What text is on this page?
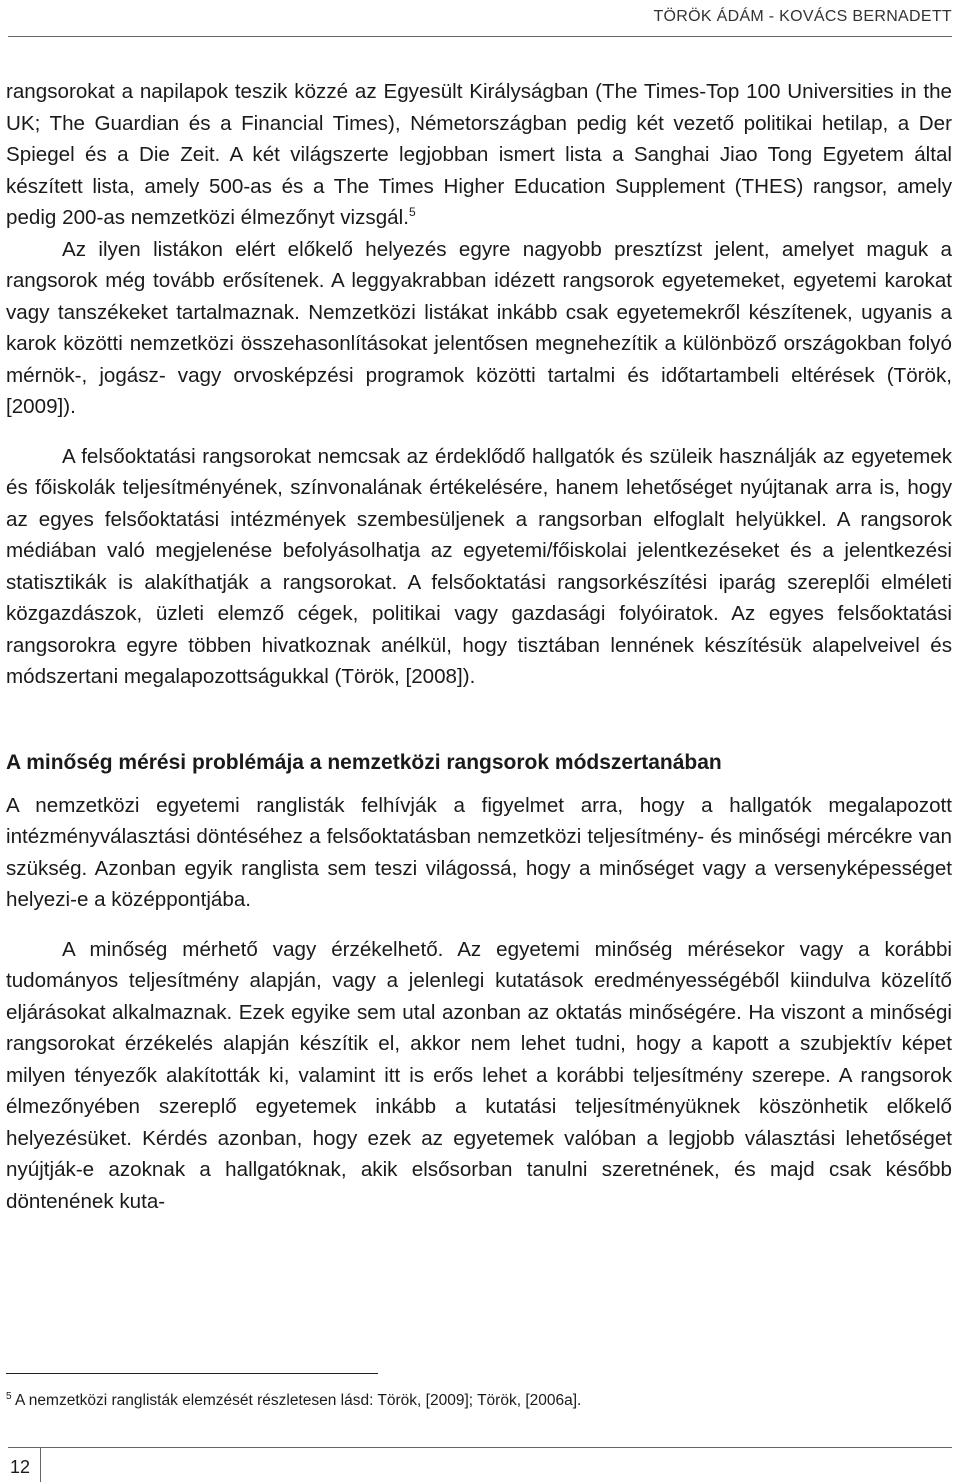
TÖRÖK ÁDÁM - KOVÁCS BERNADETT

rangsorokat a napilapok teszik közzé az Egyesült Királyságban (The Times-Top 100 Universities in the UK; The Guardian és a Financial Times), Németországban pedig két vezető politikai hetilap, a Der Spiegel és a Die Zeit. A két világszerte legjobban ismert lista a Sanghai Jiao Tong Egyetem által készített lista, amely 500-as és a The Times Higher Education Supplement (THES) rangsor, amely pedig 200-as nemzetközi élmezőnyt vizsgál.$^5$

Az ilyen listákon elért előkelő helyezés egyre nagyobb presztízst jelent, amelyet maguk a rangsorok még tovább erősítenek. A leggyakrabban idézett rangsorok egyetemeket, egyetemi karokat vagy tanszékeket tartalmaznak. Nemzetközi listákat inkább csak egyetemekről készítenek, ugyanis a karok közötti nemzetközi összehasonlításokat jelentősen megnehezítik a különböző országokban folyó mérnök-, jogász- vagy orvosképzési programok közötti tartalmi és időtartambeli eltérések (Török, [2009]).

A felsőoktatási rangsorokat nemcsak az érdeklődő hallgatók és szüleik használják az egyetemek és főiskolák teljesítményének, színvonalának értékelésére, hanem lehetőséget nyújtanak arra is, hogy az egyes felsőoktatási intézmények szembesüljenek a rangsorban elfoglalt helyükkel. A rangsorok médiában való megjelenése befolyásolhatja az egyetemi/főiskolai jelentkezéseket és a jelentkezési statisztikák is alakíthatják a rangsorokat. A felsőoktatási rangsorkészítési iparág szereplői elméleti közgazdászok, üzleti elemző cégek, politikai vagy gazdasági folyóiratok. Az egyes felsőoktatási rangsorokra egyre többen hivatkoznak anélkül, hogy tisztában lennének készítésük alapelveivel és módszertani megalapozottságukkal (Török, [2008]).

A minőség mérési problémája a nemzetközi rangsorok módszertanában

A nemzetközi egyetemi ranglisták felhívják a figyelmet arra, hogy a hallgatók megalapozott intézményválasztási döntéséhez a felsőoktatásban nemzetközi teljesítmény- és minőségi mércékre van szükség. Azonban egyik ranglista sem teszi világossá, hogy a minőséget vagy a versenyképességet helyezi-e a középpontjába.

A minőség mérhető vagy érzékelhető. Az egyetemi minőség mérésekor vagy a korábbi tudományos teljesítmény alapján, vagy a jelenlegi kutatások eredményességéből kiindulva közelítő eljárásokat alkalmaznak. Ezek egyike sem utal azonban az oktatás minőségére. Ha viszont a minőségi rangsorokat érzékelés alapján készítik el, akkor nem lehet tudni, hogy a kapott a szubjektív képet milyen tényezők alakították ki, valamint itt is erős lehet a korábbi teljesítmény szerepe. A rangsorok élmezőnyében szereplő egyetemek inkább a kutatási teljesítményüknek köszönhetik előkelő helyezésüket. Kérdés azonban, hogy ezek az egyetemek valóban a legjobb választási lehetőséget nyújtják-e azoknak a hallgatóknak, akik elsősorban tanulni szeretnének, és majd csak később döntenének kuta-

$^5$ A nemzetközi ranglisták elemzését részletesen lásd: Török, [2009]; Török, [2006a].
12
